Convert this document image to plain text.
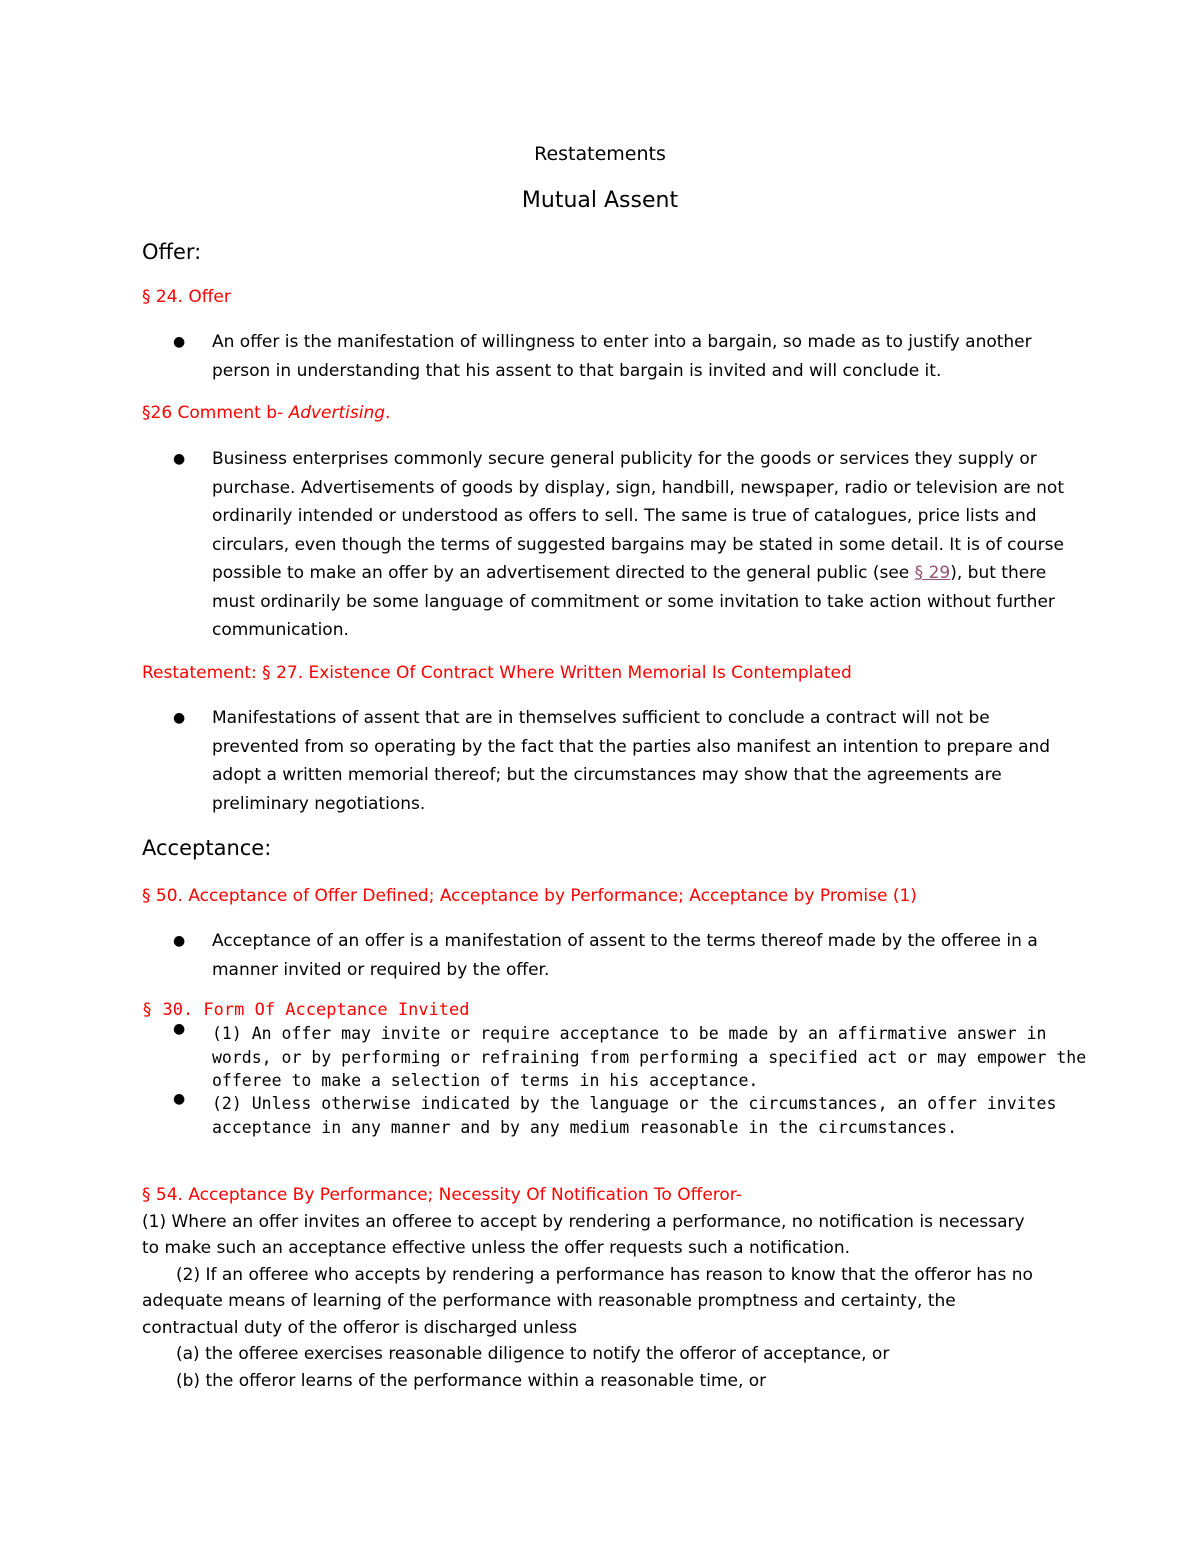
Restatements
Mutual Assent
Offer:
§ 24. Offer
● An offer is the manifestation of willingness to enter into a bargain, so made as to justify another person in understanding that his assent to that bargain is invited and will conclude it.
§26 Comment b- Advertising.
● Business enterprises commonly secure general publicity for the goods or services they supply or purchase. Advertisements of goods by display, sign, handbill, newspaper, radio or television are not ordinarily intended or understood as offers to sell. The same is true of catalogues, price lists and circulars, even though the terms of suggested bargains may be stated in some detail. It is of course possible to make an offer by an advertisement directed to the general public (see § 29), but there must ordinarily be some language of commitment or some invitation to take action without further communication.
Restatement: § 27. Existence Of Contract Where Written Memorial Is Contemplated
● Manifestations of assent that are in themselves sufficient to conclude a contract will not be prevented from so operating by the fact that the parties also manifest an intention to prepare and adopt a written memorial thereof; but the circumstances may show that the agreements are preliminary negotiations.
Acceptance:
§ 50. Acceptance of Offer Defined; Acceptance by Performance; Acceptance by Promise (1)
● Acceptance of an offer is a manifestation of assent to the terms thereof made by the offeree in a manner invited or required by the offer.
§ 30. Form Of Acceptance Invited
● (1) An offer may invite or require acceptance to be made by an affirmative answer in words, or by performing or refraining from performing a specified act or may empower the offeree to make a selection of terms in his acceptance.
● (2) Unless otherwise indicated by the language or the circumstances, an offer invites acceptance in any manner and by any medium reasonable in the circumstances.
§ 54. Acceptance By Performance; Necessity Of Notification To Offeror-
(1) Where an offer invites an offeree to accept by rendering a performance, no notification is necessary
to make such an acceptance effective unless the offer requests such a notification.
(2) If an offeree who accepts by rendering a performance has reason to know that the offeror has no
adequate means of learning of the performance with reasonable promptness and certainty, the
contractual duty of the offeror is discharged unless
(a) the offeree exercises reasonable diligence to notify the offeror of acceptance, or
(b) the offeror learns of the performance within a reasonable time, or
